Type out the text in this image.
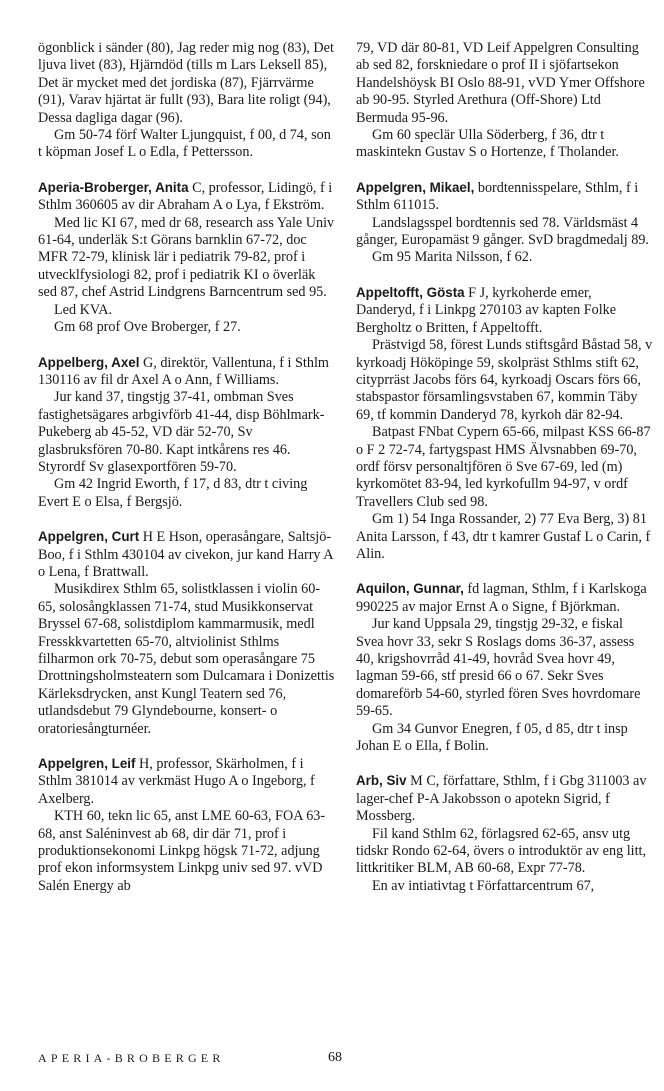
ögonblick i sänder (80), Jag reder mig nog (83), Det ljuva livet (83), Hjärndöd (tills m Lars Leksell 85), Det är mycket med det jordiska (87), Fjärrvärme (91), Varav hjärtat är fullt (93), Bara lite roligt (94), Dessa dagliga dagar (96).

Gm 50-74 förf Walter Ljungquist, f 00, d 74, son t köpman Josef L o Edla, f Pettersson.

Aperia-Broberger, Anita C, professor, Lidingö, f i Sthlm 360605 av dir Abraham A o Lya, f Ekström.

Med lic KI 67, med dr 68, research ass Yale Univ 61-64, underläk S:t Görans barnklin 67-72, doc MFR 72-79, klinisk lär i pediatrik 79-82, prof i utvecklfysiologi 82, prof i pediatrik KI o överläk sed 87, chef Astrid Lindgrens Barncentrum sed 95.

Led KVA.

Gm 68 prof Ove Broberger, f 27.

Appelberg, Axel G, direktör, Vallentuna, f i Sthlm 130116 av fil dr Axel A o Ann, f Williams.

Jur kand 37, tingstjg 37-41, ombman Sves fastighetsägares arbgivförb 41-44, disp Böhlmark-Pukeberg ab 45-52, VD där 52-70, Sv glasbruksfören 70-80. Kapt intkårens res 46. Styrordf Sv glasexportfören 59-70.

Gm 42 Ingrid Eworth, f 17, d 83, dtr t civing Evert E o Elsa, f Bergsjö.

Appelgren, Curt H E Hson, operasångare, Saltsjö-Boo, f i Sthlm 430104 av civekon, jur kand Harry A o Lena, f Brattwall.

Musikdirex Sthlm 65, solistklassen i violin 60-65, solosångklassen 71-74, stud Musikkonservat Bryssel 67-68, solistdiplom kammarmusik, medl Fresskkvartetten 65-70, altviolinist Sthlms filharmon ork 70-75, debut som operasångare 75 Drottningsholmsteatern som Dulcamara i Donizettis Kärleksdrycken, anst Kungl Teatern sed 76, utlandsdebut 79 Glyndebourne, konsert- o oratoriesångturnéer.

Appelgren, Leif H, professor, Skärholmen, f i Sthlm 381014 av verkmäst Hugo A o Ingeborg, f Axelberg.

KTH 60, tekn lic 65, anst LME 60-63, FOA 63-68, anst Saléninvest ab 68, dir där 71, prof i produktionsekonomi Linkpg högsk 71-72, adjung prof ekon informsystem Linkpg univ sed 97. vVD Salén Energy ab

79, VD där 80-81, VD Leif Appelgren Consulting ab sed 82, forskniedare o prof II i sjöfartsekon Handelshöysk BI Oslo 88-91, vVD Ymer Offshore ab 90-95. Styrled Arethura (Off-Shore) Ltd Bermuda 95-96.

Gm 60 speclär Ulla Söderberg, f 36, dtr t maskintekn Gustav S o Hortenze, f Tholander.

Appelgren, Mikael, bordtennisspelare, Sthlm, f i Sthlm 611015.

Landslagsspel bordtennis sed 78. Världsmäst 4 gånger, Europamäst 9 gånger. SvD bragdmedalj 89.

Gm 95 Marita Nilsson, f 62.

Appeltofft, Gösta F J, kyrkoherde emer, Danderyd, f i Linkpg 270103 av kapten Folke Bergholtz o Britten, f Appeltofft.

Prästvigd 58, förest Lunds stiftsgård Båstad 58, v kyrkoadj Hököpinge 59, skolpräst Sthlms stift 62, cityprräst Jacobs förs 64, kyrkoadj Oscars förs 66, stabspastor församlingsvstaben 67, kommin Täby 69, tf kommin Danderyd 78, kyrkoh där 82-94.

Batpast FNbat Cypern 65-66, milpast KSS 66-87 o F 2 72-74, fartygspast HMS Älvsnabben 69-70, ordf försv personaltjfören ö Sve 67-69, led (m) kyrkomötet 83-94, led kyrkofullm 94-97, v ordf Travellers Club sed 98.

Gm 1) 54 Inga Rossander, 2) 77 Eva Berg, 3) 81 Anita Larsson, f 43, dtr t kamrer Gustaf L o Carin, f Alin.

Aquilon, Gunnar, fd lagman, Sthlm, f i Karlskoga 990225 av major Ernst A o Signe, f Björkman.

Jur kand Uppsala 29, tingstjg 29-32, e fiskal Svea hovr 33, sekr S Roslags doms 36-37, assess 40, krigshovrråd 41-49, hovråd Svea hovr 49, lagman 59-66, stf presid 66 o 67. Sekr Sves domareförb 54-60, styrled fören Sves hovrdomare 59-65.

Gm 34 Gunvor Enegren, f 05, d 85, dtr t insp Johan E o Ella, f Bolin.

Arb, Siv M C, författare, Sthlm, f i Gbg 311003 av lager-chef P-A Jakobsson o apotekn Sigrid, f Mossberg.

Fil kand Sthlm 62, förlagsred 62-65, ansv utg tidskr Rondo 62-64, övers o introduktör av eng litt, littkritiker BLM, AB 60-68, Expr 77-78.

En av intiativtag t Författarcentrum 67,

APERIA-BROBERGER	68
